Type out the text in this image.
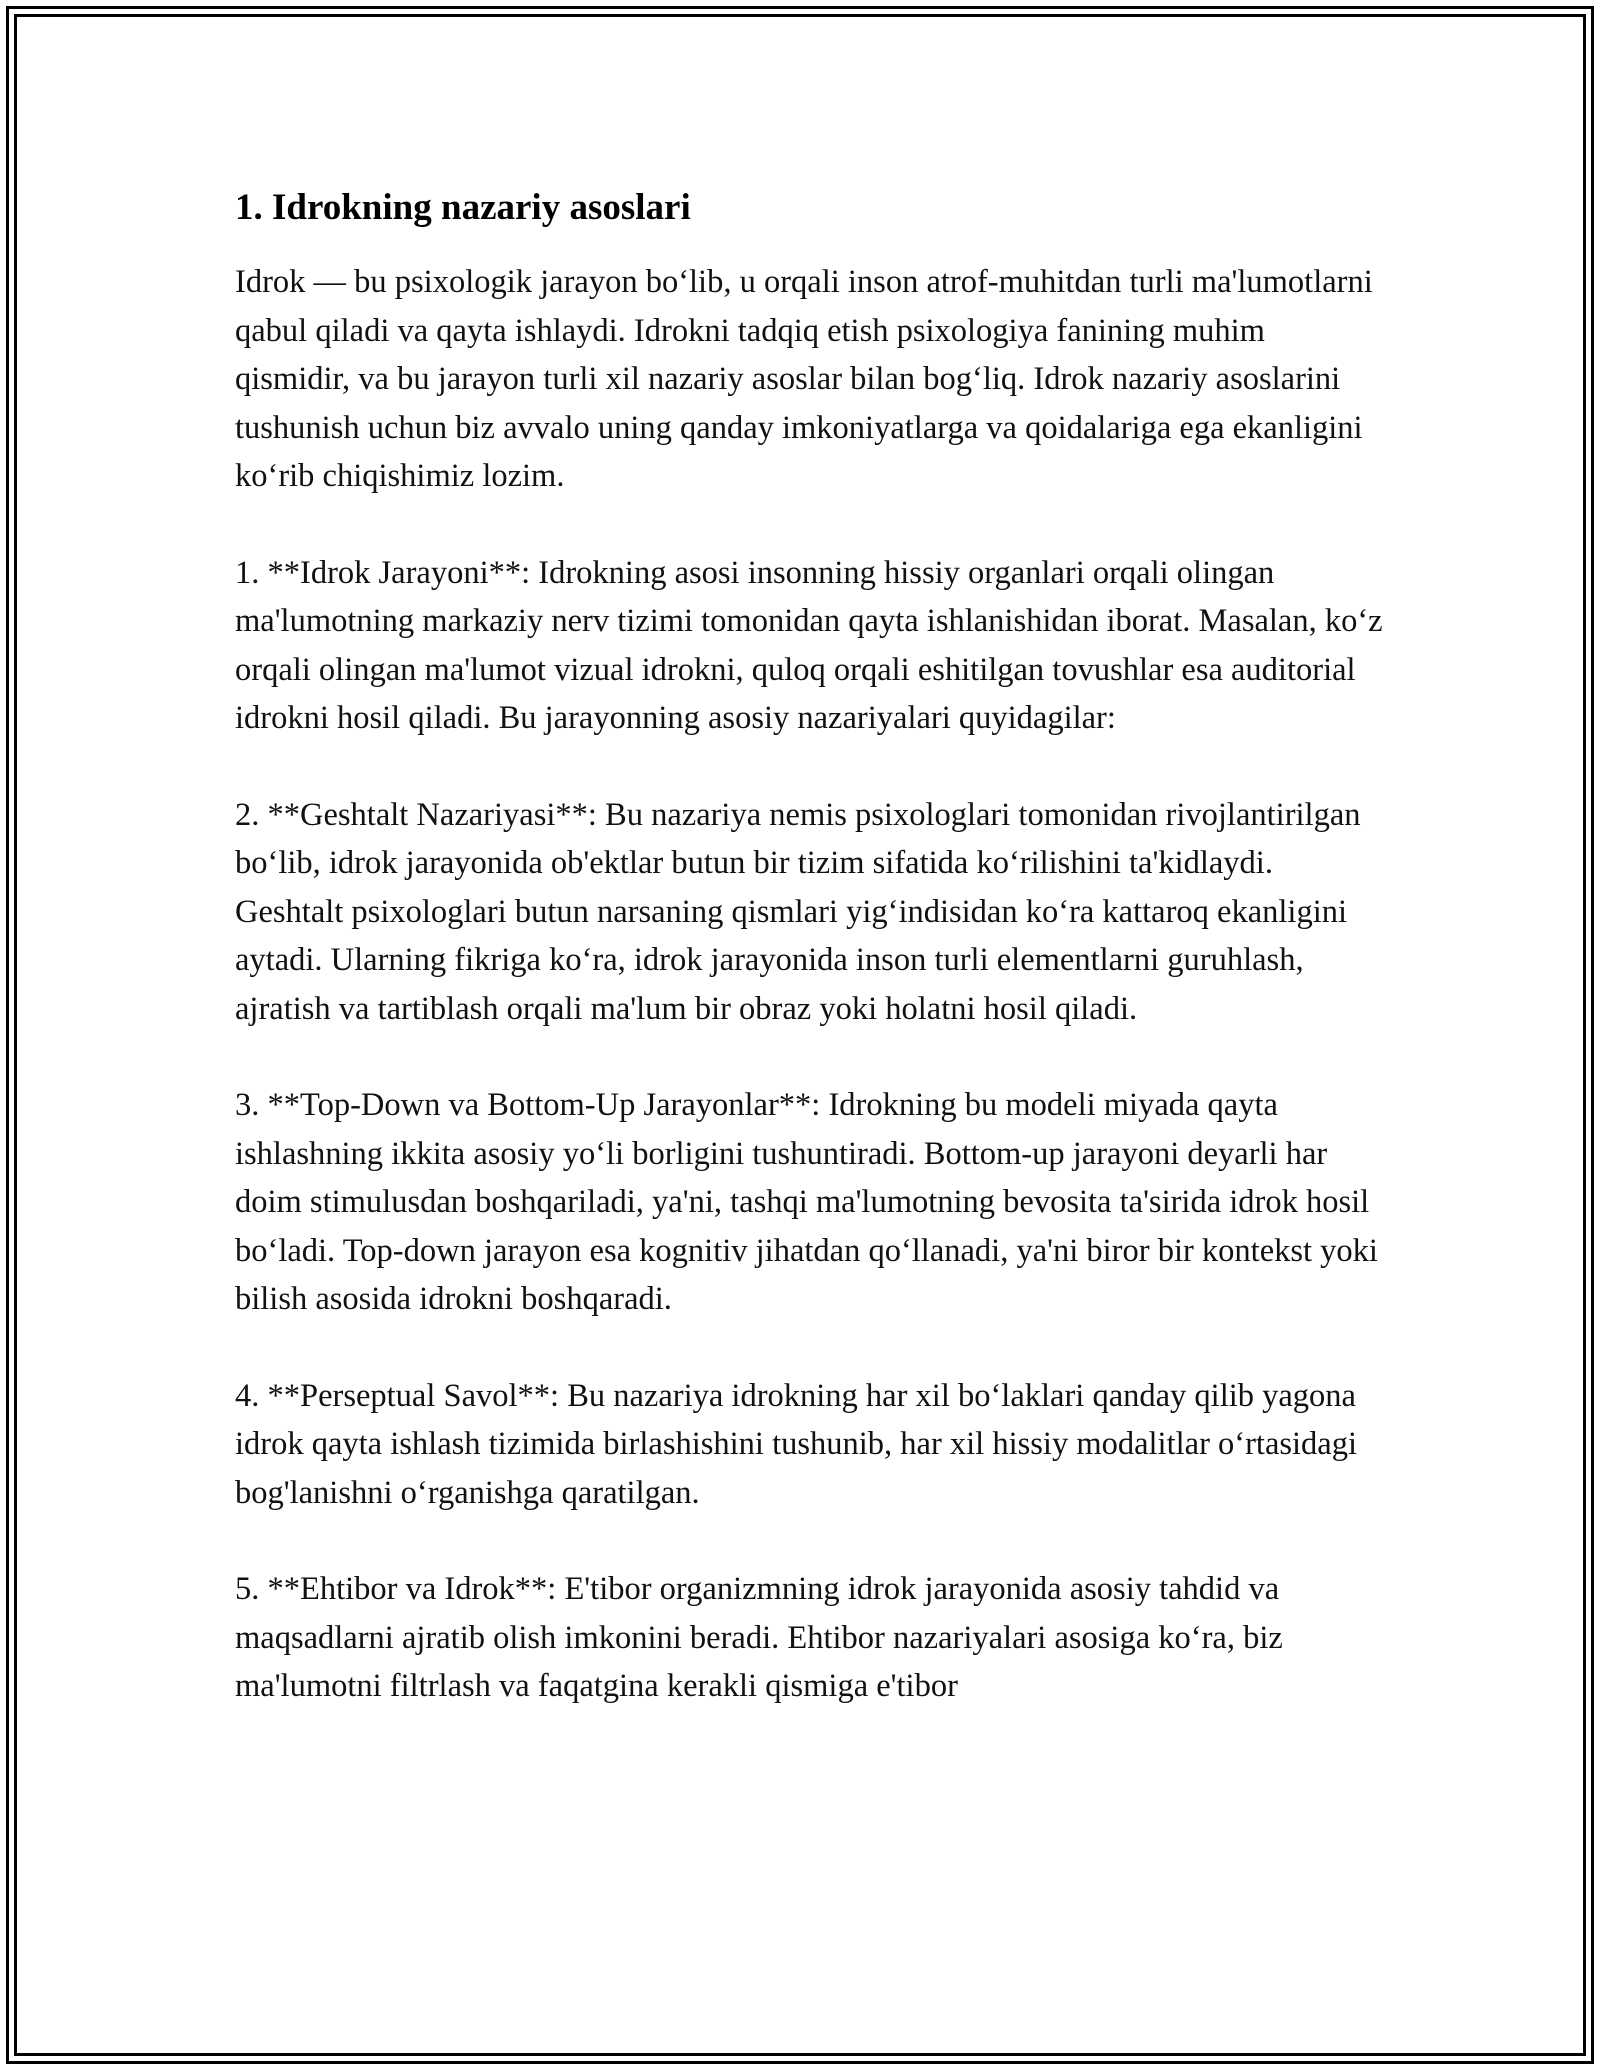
1. Idrokning nazariy asoslari

Idrok — bu psixologik jarayon bo‘lib, u orqali inson atrof-muhitdan turli ma'lumotlarni qabul qiladi va qayta ishlaydi. Idrokni tadqiq etish psixologiya fanining muhim qismidir, va bu jarayon turli xil nazariy asoslar bilan bog‘liq. Idrok nazariy asoslarini tushunish uchun biz avvalo uning qanday imkoniyatlarga va qoidalariga ega ekanligini ko‘rib chiqishimiz lozim.

1. **Idrok Jarayoni**: Idrokning asosi insonning hissiy organlari orqali olingan ma'lumotning markaziy nerv tizimi tomonidan qayta ishlanishidan iborat. Masalan, ko‘z orqali olingan ma'lumot vizual idrokni, quloq orqali eshitilgan tovushlar esa auditorial idrokni hosil qiladi. Bu jarayonning asosiy nazariyalari quyidagilar:

2. **Geshtalt Nazariyasi**: Bu nazariya nemis psixologlari tomonidan rivojlantirilgan bo‘lib, idrok jarayonida ob'ektlar butun bir tizim sifatida ko‘rilishini ta'kidlaydi. Geshtalt psixologlari butun narsaning qismlari yig‘indisidan ko‘ra kattaroq ekanligini aytadi. Ularning fikriga ko‘ra, idrok jarayonida inson turli elementlarni guruhlash, ajratish va tartiblash orqali ma'lum bir obraz yoki holatni hosil qiladi.

3. **Top-Down va Bottom-Up Jarayonlar**: Idrokning bu modeli miyada qayta ishlashning ikkita asosiy yo‘li borligini tushuntiradi. Bottom-up jarayoni deyarli har doim stimulusdan boshqariladi, ya'ni, tashqi ma'lumotning bevosita ta'sirida idrok hosil bo‘ladi. Top-down jarayon esa kognitiv jihatdan qo‘llanadi, ya'ni biror bir kontekst yoki bilish asosida idrokni boshqaradi.

4. **Perseptual Savol**: Bu nazariya idrokning har xil bo‘laklari qanday qilib yagona idrok qayta ishlash tizimida birlashishini tushunib, har xil hissiy modalitlar o‘rtasidagi bog'lanishni o‘rganishga qaratilgan.

5. **Ehtibor va Idrok**: E'tibor organizmning idrok jarayonida asosiy tahdid va maqsadlarni ajratib olish imkonini beradi. Ehtibor nazariyalari asosiga ko‘ra, biz ma'lumotni filtrlash va faqatgina kerakli qismiga e'tibor
